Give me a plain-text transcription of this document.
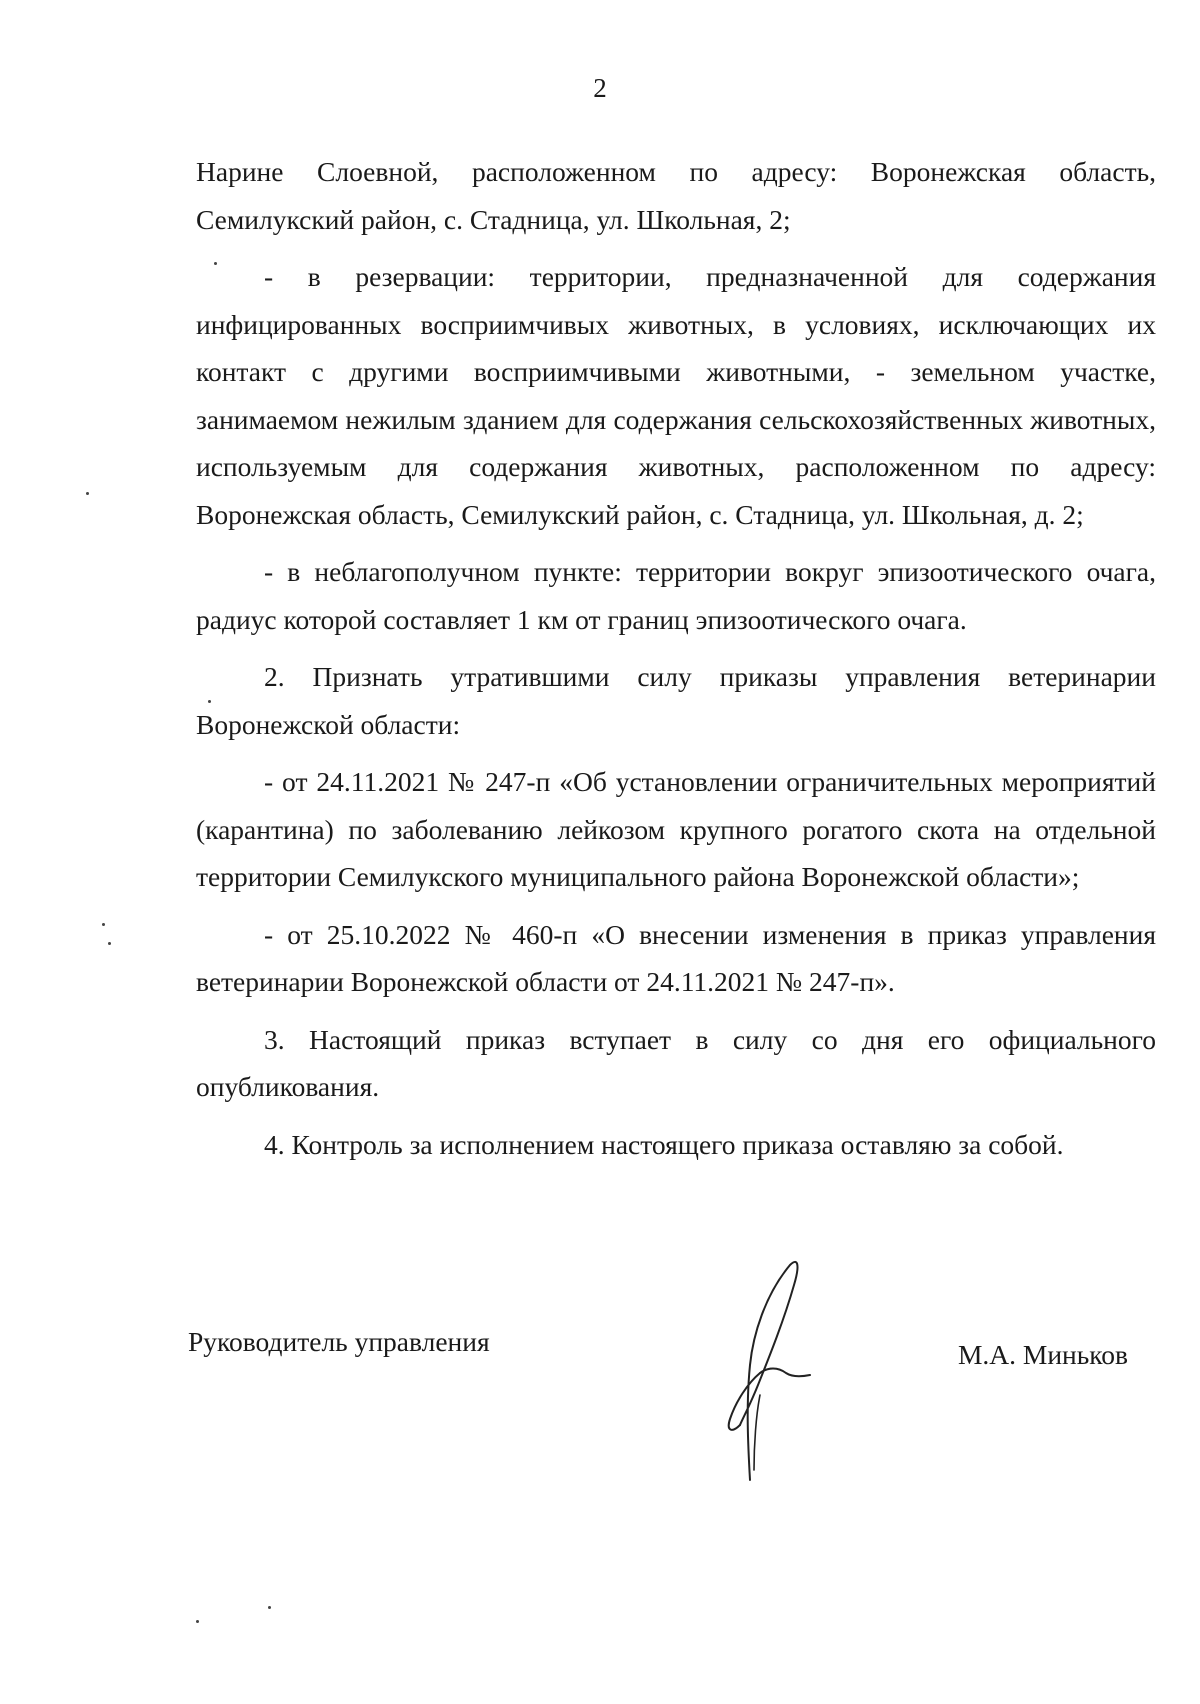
2

Нарине Слоевной, расположенном по адресу: Воронежская область, Семилукский район, с. Стадница, ул. Школьная, 2;

- в резервации: территории, предназначенной для содержания инфицированных восприимчивых животных, в условиях, исключающих их контакт с другими восприимчивыми животными, - земельном участке, занимаемом нежилым зданием для содержания сельскохозяйственных животных, используемым для содержания животных, расположенном по адресу: Воронежская область, Семилукский район, с. Стадница, ул. Школьная, д. 2;

- в неблагополучном пункте: территории вокруг эпизоотического очага, радиус которой составляет 1 км от границ эпизоотического очага.

2. Признать утратившими силу приказы управления ветеринарии Воронежской области:

- от 24.11.2021 № 247-п «Об установлении ограничительных мероприятий (карантина) по заболеванию лейкозом крупного рогатого скота на отдельной территории Семилукского муниципального района Воронежской области»;

- от 25.10.2022 № 460-п «О внесении изменения в приказ управления ветеринарии Воронежской области от 24.11.2021 № 247-п».

3. Настоящий приказ вступает в силу со дня его официального опубликования.

4. Контроль за исполнением настоящего приказа оставляю за собой.

Руководитель управления	М.А. Миньков
